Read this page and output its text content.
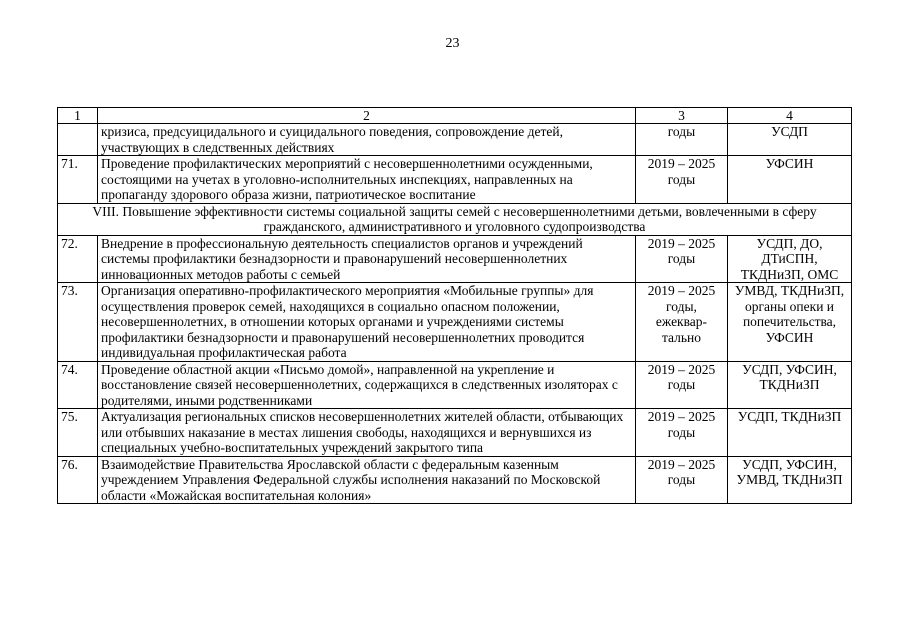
23
1	2	3	4
	кризиса, предсуицидального и суицидального поведения, сопровождение детей, участвующих в следственных действиях	годы	УСДП
71.	Проведение профилактических мероприятий с несовершеннолетними осужденными, состоящими на учетах в уголовно-исполнительных инспекциях, направленных на пропаганду здорового образа жизни, патриотическое воспитание	2019 – 2025 годы	УФСИН
VIII. Повышение эффективности системы социальной защиты семей с несовершеннолетними детьми, вовлеченными в сферу гражданского, административного и уголовного судопроизводства			
72.	Внедрение в профессиональную деятельность специалистов органов и учреждений системы профилактики безнадзорности и правонарушений несовершеннолетних инновационных методов работы с семьей	2019 – 2025 годы	УСДП, ДО, ДТиСПН, ТКДНиЗП, ОМС
73.	Организация оперативно-профилактического мероприятия «Мобильные группы» для осуществления проверок семей, находящихся в социально опасном положении, несовершеннолетних, в отношении которых органами и учреждениями системы профилактики безнадзорности и правонарушений несовершеннолетних проводится индивидуальная профилактическая работа	2019 – 2025 годы, ежеквар-тально	УМВД, ТКДНиЗП, органы опеки и попечительства, УФСИН
74.	Проведение областной акции «Письмо домой», направленной на укрепление и восстановление связей несовершеннолетних, содержащихся в следственных изоляторах с родителями, иными родственниками	2019 – 2025 годы	УСДП, УФСИН, ТКДНиЗП
75.	Актуализация региональных списков несовершеннолетних жителей области, отбывающих или отбывших наказание в местах лишения свободы, находящихся и вернувшихся из специальных учебно-воспитательных учреждений закрытого типа	2019 – 2025 годы	УСДП, ТКДНиЗП
76.	Взаимодействие Правительства Ярославской области с федеральным казенным учреждением Управления Федеральной службы исполнения наказаний по Московской области «Можайская воспитательная колония»	2019 – 2025 годы	УСДП, УФСИН, УМВД, ТКДНиЗП
